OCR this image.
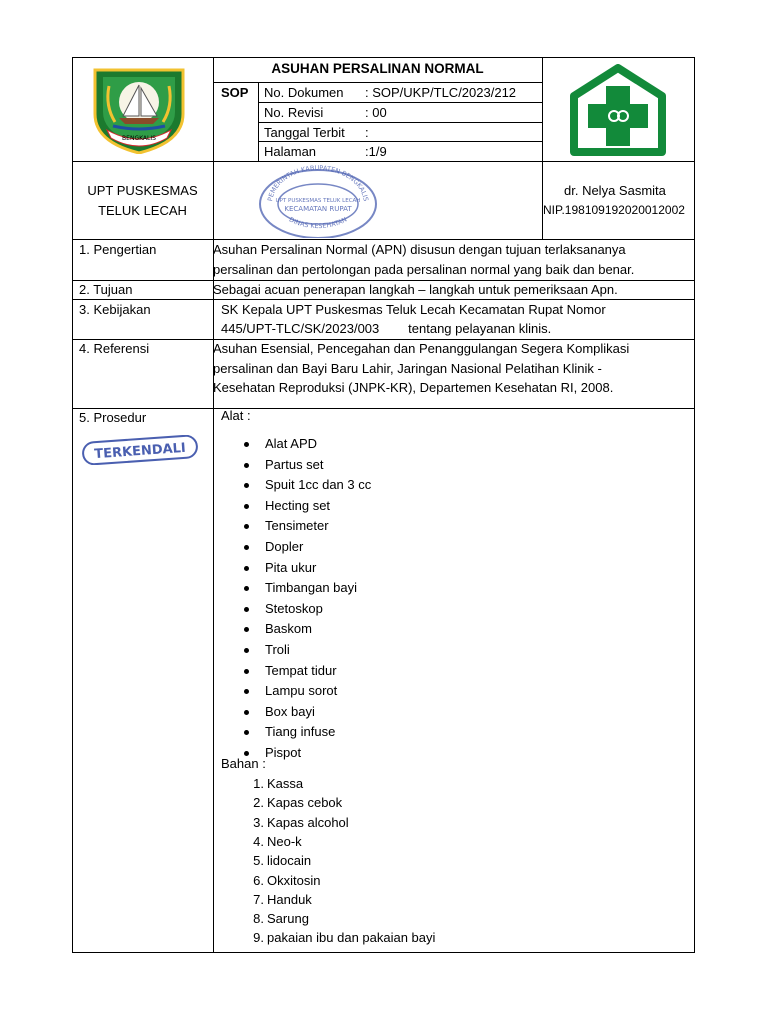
BENGKALIS
ASUHAN PERSALINAN NORMAL
SOP No. Dokumen : SOP/UKP/TLC/2023/212
No. Revisi	: 00
Tanggal Terbit :
Halaman	:1/9
UPT PUSKESMAS
TELUK LECAH
PEMERINTAH KABUPATEN BENGKALIS
DINAS KESEHATAN
UPT PUSKESMAS TELUK LECAH
KECAMATAN RUPAT
dr. Nelya Sasmita
NIP.198109192020012002
1. Pengertian	Asuhan Persalinan Normal (APN) disusun dengan tujuan terlaksananya
persalinan dan pertolongan pada persalinan normal yang baik dan benar.
2. Tujuan	Sebagai acuan penerapan langkah – langkah untuk pemeriksaan Apn.
3. Kebijakan	SK Kepala UPT Puskesmas Teluk Lecah Kecamatan Rupat Nomor
445/UPT-TLC/SK/2023/003        tentang pelayanan klinis.
4. Referensi	Asuhan Esensial, Pencegahan dan Penanggulangan Segera Komplikasi
persalinan dan Bayi Baru Lahir, Jaringan Nasional Pelatihan Klinik -
Kesehatan Reproduksi (JNPK-KR), Departemen Kesehatan RI, 2008.
5. Prosedur
TERKENDALI
Alat :
Alat APD
Partus set
Spuit 1cc dan 3 cc
Hecting set
Tensimeter
Dopler
Pita ukur
Timbangan bayi
Stetoskop
Baskom
Troli
Tempat tidur
Lampu sorot
Box bayi
Tiang infuse
Pispot
Bahan :
1. Kassa
2. Kapas cebok
3. Kapas alcohol
4. Neo-k
5. lidocain
6. Okxitosin
7. Handuk
8. Sarung
9. pakaian ibu dan pakaian bayi
